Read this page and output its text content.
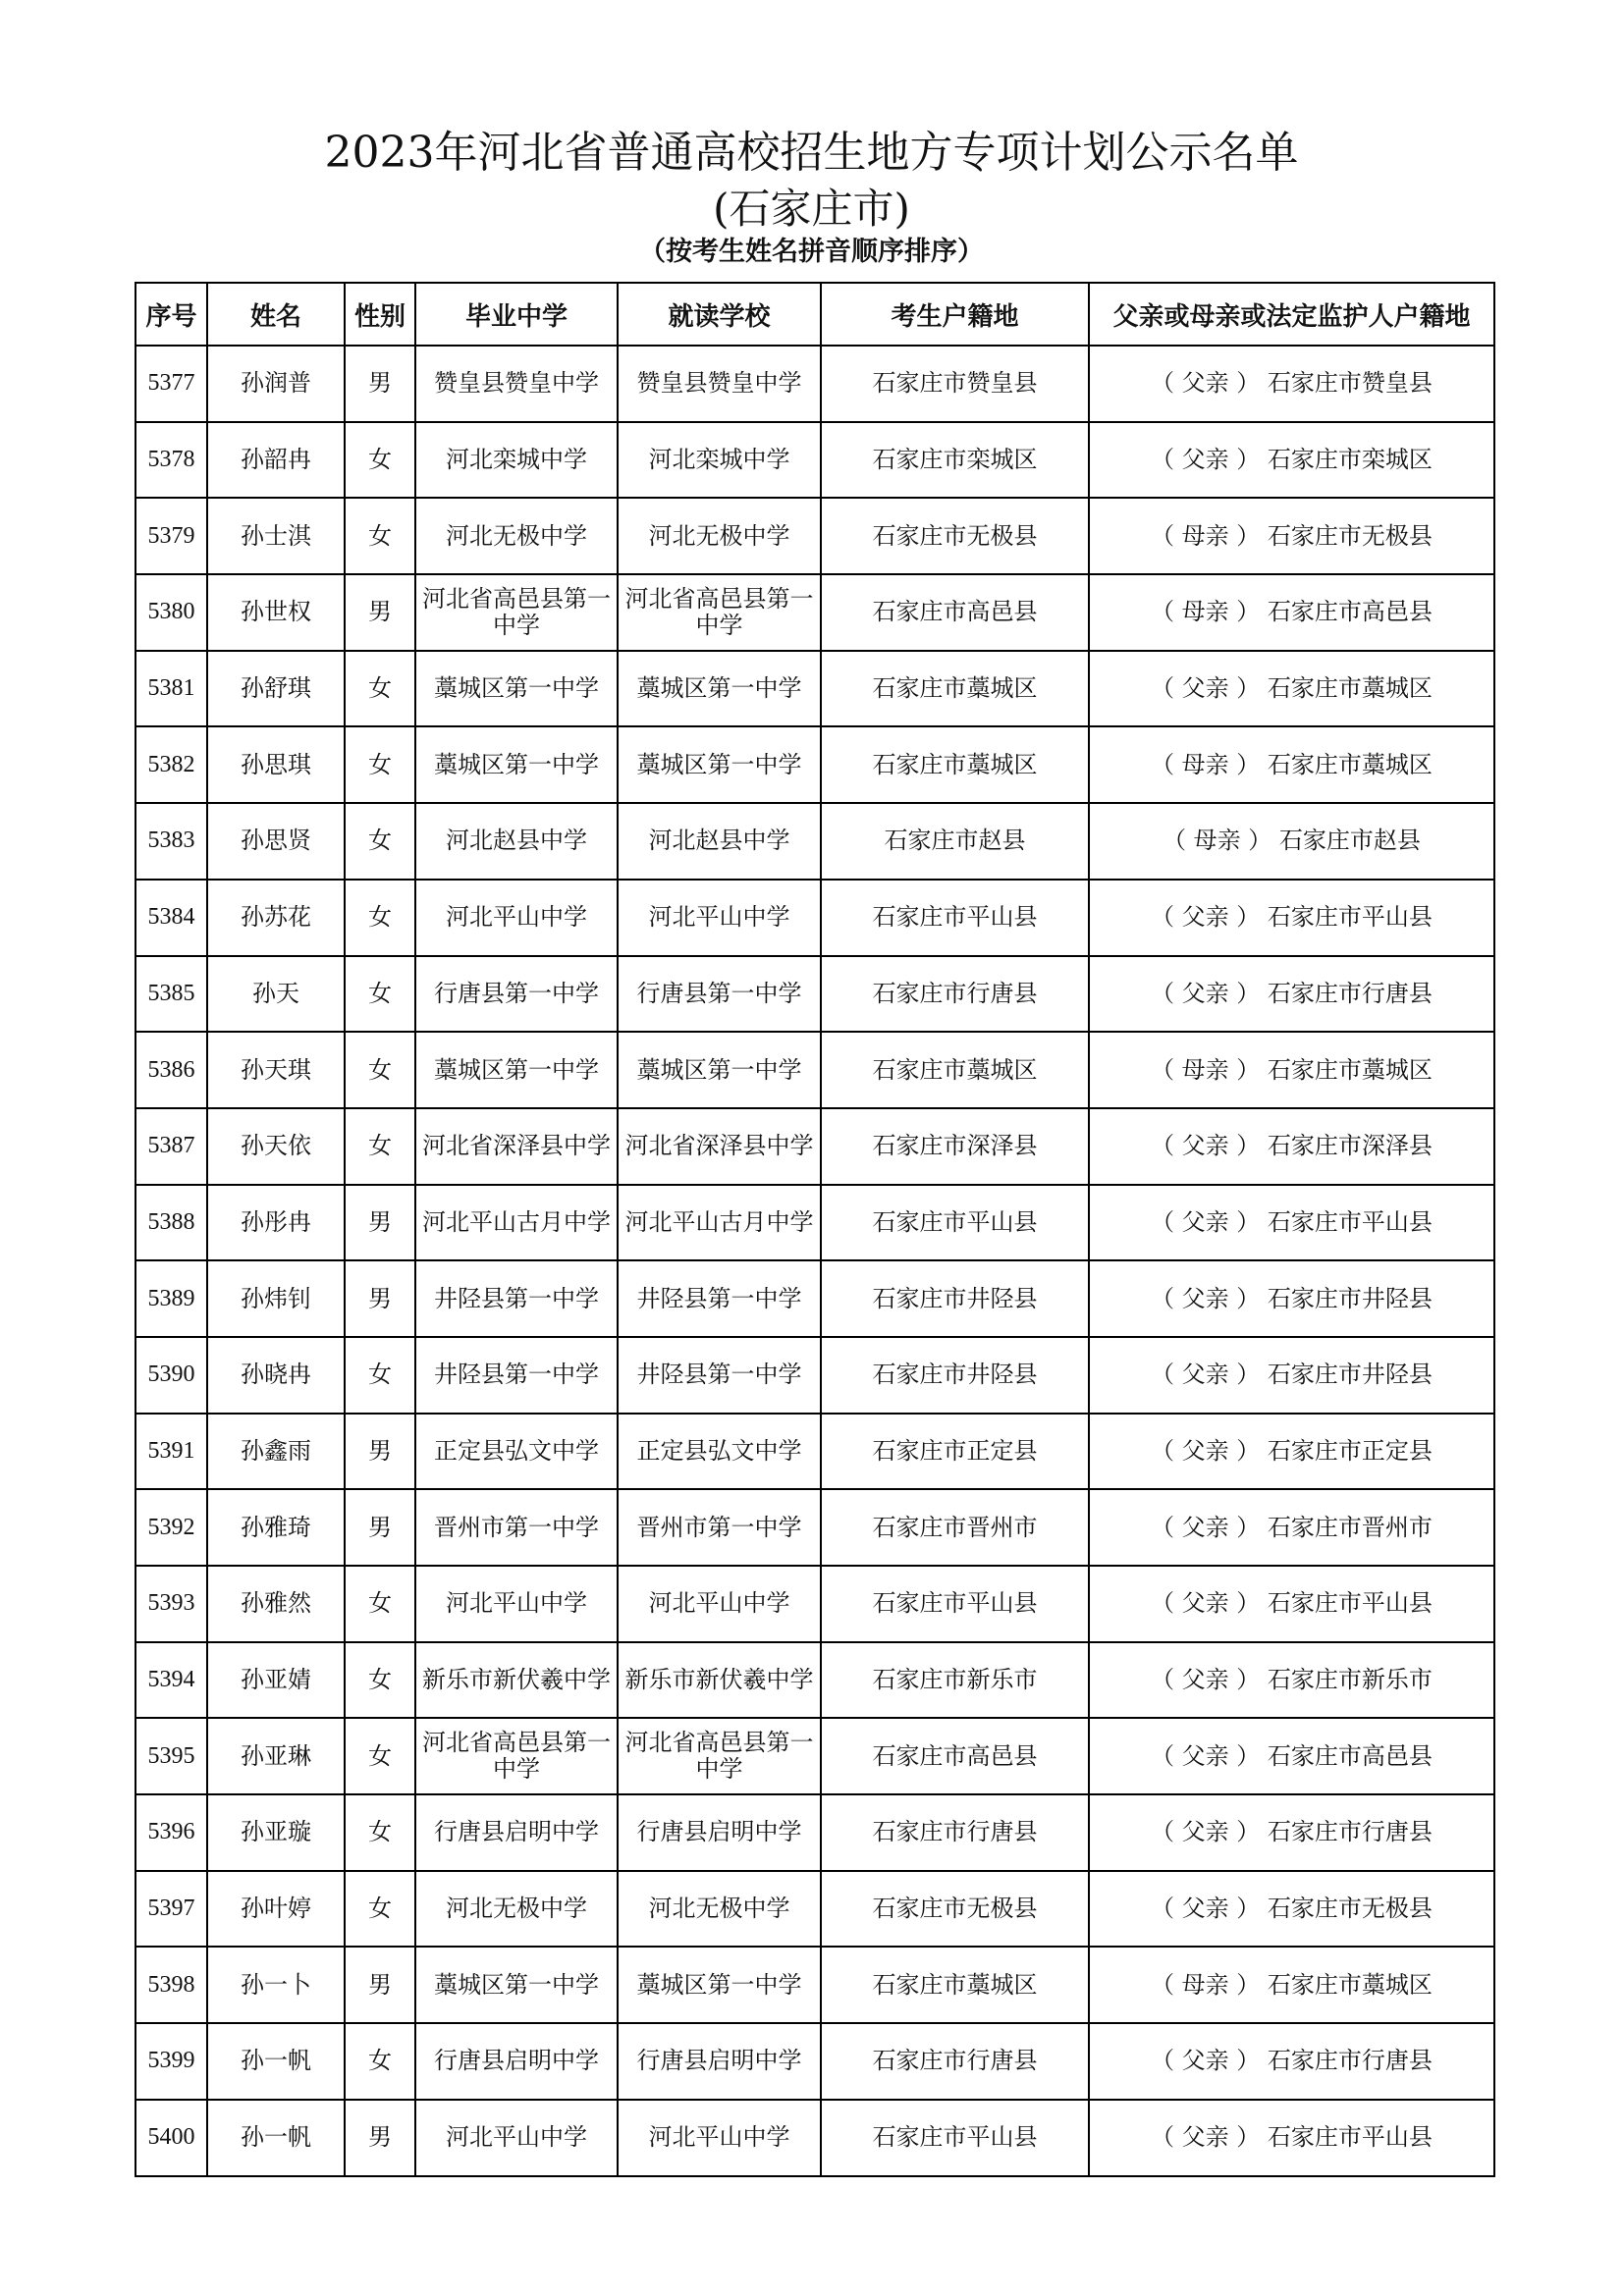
2023年河北省普通高校招生地方专项计划公示名单
(石家庄市)
（按考生姓名拼音顺序排序）
序号	姓名	性别	毕业中学	就读学校	考生户籍地	父亲或母亲或法定监护人户籍地
5377	孙润普	男	赞皇县赞皇中学	赞皇县赞皇中学	石家庄市赞皇县	（ 父亲 ） 石家庄市赞皇县
5378	孙韶冉	女	河北栾城中学	河北栾城中学	石家庄市栾城区	（ 父亲 ） 石家庄市栾城区
5379	孙士淇	女	河北无极中学	河北无极中学	石家庄市无极县	（ 母亲 ） 石家庄市无极县
5380	孙世权	男	河北省高邑县第一中学	河北省高邑县第一中学	石家庄市高邑县	（ 母亲 ） 石家庄市高邑县
5381	孙舒琪	女	藁城区第一中学	藁城区第一中学	石家庄市藁城区	（ 父亲 ） 石家庄市藁城区
5382	孙思琪	女	藁城区第一中学	藁城区第一中学	石家庄市藁城区	（ 母亲 ） 石家庄市藁城区
5383	孙思贤	女	河北赵县中学	河北赵县中学	石家庄市赵县	（ 母亲 ） 石家庄市赵县
5384	孙苏花	女	河北平山中学	河北平山中学	石家庄市平山县	（ 父亲 ） 石家庄市平山县
5385	孙天	女	行唐县第一中学	行唐县第一中学	石家庄市行唐县	（ 父亲 ） 石家庄市行唐县
5386	孙天琪	女	藁城区第一中学	藁城区第一中学	石家庄市藁城区	（ 母亲 ） 石家庄市藁城区
5387	孙天依	女	河北省深泽县中学	河北省深泽县中学	石家庄市深泽县	（ 父亲 ） 石家庄市深泽县
5388	孙彤冉	男	河北平山古月中学	河北平山古月中学	石家庄市平山县	（ 父亲 ） 石家庄市平山县
5389	孙炜钊	男	井陉县第一中学	井陉县第一中学	石家庄市井陉县	（ 父亲 ） 石家庄市井陉县
5390	孙晓冉	女	井陉县第一中学	井陉县第一中学	石家庄市井陉县	（ 父亲 ） 石家庄市井陉县
5391	孙鑫雨	男	正定县弘文中学	正定县弘文中学	石家庄市正定县	（ 父亲 ） 石家庄市正定县
5392	孙雅琦	男	晋州市第一中学	晋州市第一中学	石家庄市晋州市	（ 父亲 ） 石家庄市晋州市
5393	孙雅然	女	河北平山中学	河北平山中学	石家庄市平山县	（ 父亲 ） 石家庄市平山县
5394	孙亚婧	女	新乐市新伏羲中学	新乐市新伏羲中学	石家庄市新乐市	（ 父亲 ） 石家庄市新乐市
5395	孙亚琳	女	河北省高邑县第一中学	河北省高邑县第一中学	石家庄市高邑县	（ 父亲 ） 石家庄市高邑县
5396	孙亚璇	女	行唐县启明中学	行唐县启明中学	石家庄市行唐县	（ 父亲 ） 石家庄市行唐县
5397	孙叶婷	女	河北无极中学	河北无极中学	石家庄市无极县	（ 父亲 ） 石家庄市无极县
5398	孙一卜	男	藁城区第一中学	藁城区第一中学	石家庄市藁城区	（ 母亲 ） 石家庄市藁城区
5399	孙一帆	女	行唐县启明中学	行唐县启明中学	石家庄市行唐县	（ 父亲 ） 石家庄市行唐县
5400	孙一帆	男	河北平山中学	河北平山中学	石家庄市平山县	（ 父亲 ） 石家庄市平山县
